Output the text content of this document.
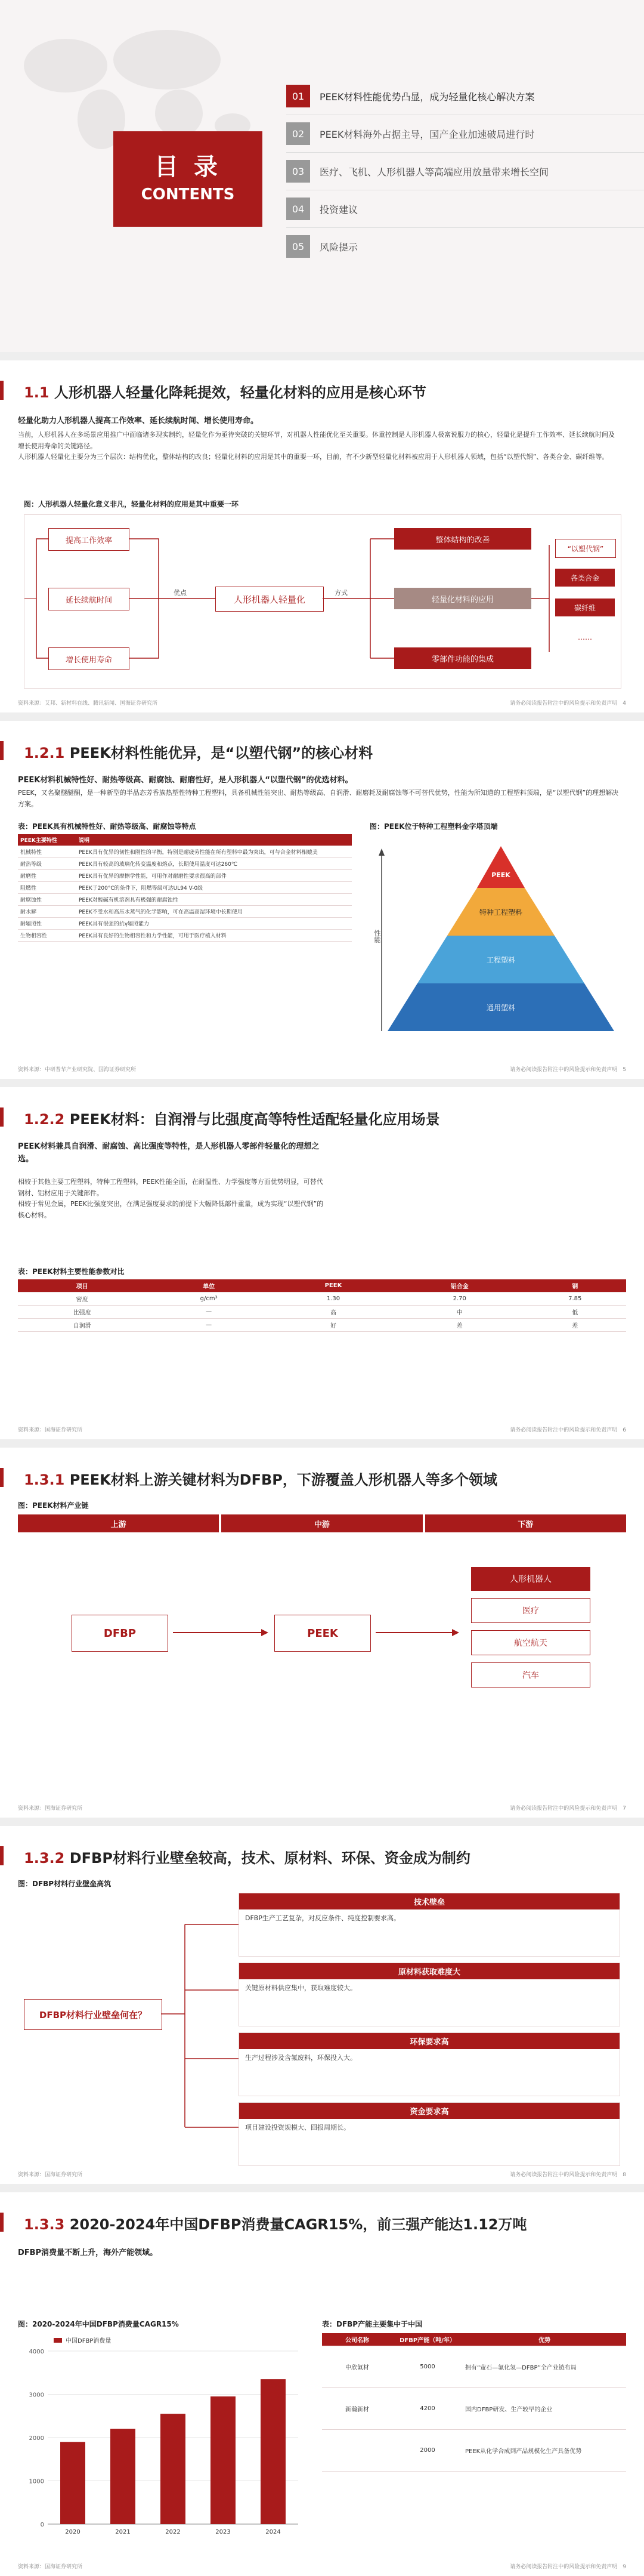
目 录
CONTENTS
01	PEEK材料性能优势凸显，成为轻量化核心解决方案
02	PEEK材料海外占据主导，国产企业加速破局进行时
03	医疗、飞机、人形机器人等高端应用放量带来增长空间
04	投资建议
05	风险提示
1.1 人形机器人轻量化降耗提效，轻量化材料的应用是核心环节
轻量化助力人形机器人提高工作效率、延长续航时间、增长使用寿命。
当前，人形机器人在多场景应用推广中面临诸多现实制约，轻量化作为亟待突破的关键环节，对机器人性能优化至关重要。体重控制是人形机器人极富说服力的核心，轻量化是提升工作效率、延长续航时间及增长使用寿命的关键路径。
人形机器人轻量化主要分为三个层次：结构优化，整体结构的改良；轻量化材料的应用是其中的重要一环，目前，有不少新型轻量化材料被应用于人形机器人领域，包括“以塑代钢”、各类合金、碳纤维等。
图：人形机器人轻量化意义非凡，轻量化材料的应用是其中重要一环
提高工作效率
延长续航时间
增长使用寿命
优点
人形机器人轻量化
方式
整体结构的改善
轻量化材料的应用
零部件功能的集成
“以塑代钢”
各类合金
碳纤维
……
资料来源：艾邦、新材料在线、腾讯新闻、国海证券研究所	请务必阅读报告附注中的风险提示和免责声明　 4
1.2.1 PEEK材料性能优异，是“以塑代钢”的核心材料
PEEK材料机械特性好、耐热等级高、耐腐蚀、耐磨性好，是人形机器人“以塑代钢”的优选材料。
PEEK，又名聚醚醚酮，是一种新型的半晶态芳香族热塑性特种工程塑料，具备机械性能突出、耐热等级高、自润滑、耐磨耗及耐腐蚀等不可替代优势，性能为所知道的工程塑料顶端，是“以塑代钢”的理想解决方案。
表：PEEK具有机械特性好、耐热等级高、耐腐蚀等特点
PEEK主要特性	说明
机械特性	PEEK具有优异的韧性和刚性的平衡，特别是耐疲劳性能在所有塑料中最为突出，可与合金材料相媲美
耐热等级	PEEK具有较高的玻璃化转变温度和熔点，长期使用温度可达260℃
耐磨性	PEEK具有优异的摩擦学性能，可用作对耐磨性要求很高的部件
阻燃性	PEEK于200°C的条件下，阻燃等级可达UL94 V-0级
耐腐蚀性	PEEK对酸碱有机溶剂具有极强的耐腐蚀性
耐水解	PEEK不受水和高压水蒸气的化学影响，可在高温高湿环境中长期使用
耐辐照性	PEEK具有很强的抗γ辐照能力
生物相容性	PEEK具有良好的生物相容性和力学性能，可用于医疗植入材料
图：PEEK位于特种工程塑料金字塔顶端
性能
PEEK
特种工程塑料
工程塑料
通用塑料
资料来源：中研普华产业研究院、国海证券研究所	请务必阅读报告附注中的风险提示和免责声明　 5
1.2.2 PEEK材料：自润滑与比强度高等特性适配轻量化应用场景
PEEK材料兼具自润滑、耐腐蚀、高比强度等特性，是人形机器人零部件轻量化的理想之选。
相较于其他主要工程塑料，特种工程塑料，PEEK性能全面，在耐温性、力学强度等方面优势明显，可替代钢材、铝材应用于关键部件。
相较于常见金属，PEEK比强度突出，在满足强度要求的前提下大幅降低部件重量，成为实现“以塑代钢”的核心材料。
表：PEEK材料主要性能参数对比
项目	单位	PEEK	铝合金	钢
密度	g/cm³	1.30	2.70	7.85
比强度	—	高	中	低
自润滑	—	好	差	差
资料来源：国海证券研究所	请务必阅读报告附注中的风险提示和免责声明　 6
1.3.1 PEEK材料上游关键材料为DFBP，下游覆盖人形机器人等多个领域
图：PEEK材料产业链
上游	中游	下游
DFBP	PEEK
人形机器人
医疗
航空航天
汽车
资料来源：国海证券研究所	请务必阅读报告附注中的风险提示和免责声明　 7
1.3.2 DFBP材料行业壁垒较高，技术、原材料、环保、资金成为制约
图：DFBP材料行业壁垒高筑
DFBP材料行业壁垒何在？
技术壁垒
DFBP生产工艺复杂，对反应条件、纯度控制要求高。
原材料获取难度大
关键原材料供应集中，获取难度较大。
环保要求高
生产过程涉及含氟废料，环保投入大。
资金要求高
项目建设投资规模大、回报周期长。
资料来源：国海证券研究所	请务必阅读报告附注中的风险提示和免责声明　 8
1.3.3 2020-2024年中国DFBP消费量CAGR15%，前三强产能达1.12万吨
DFBP消费量不断上升，海外产能领域。
图：2020-2024年中国DFBP消费量CAGR15%
0
1000
2000
3000
4000
2020	2021	2022	2023	2024
中国DFBP消费量
表：DFBP产能主要集中于中国
公司名称	DFBP产能（吨/年）	优势
中欣氟材	5000	拥有“萤石—氟化氢—DFBP”全产业链布局
新瀚新材	4200	国内DFBP研发、生产较早的企业
	2000	PEEK从化学合成到产品规模化生产具备优势
资料来源：国海证券研究所	请务必阅读报告附注中的风险提示和免责声明　 9
